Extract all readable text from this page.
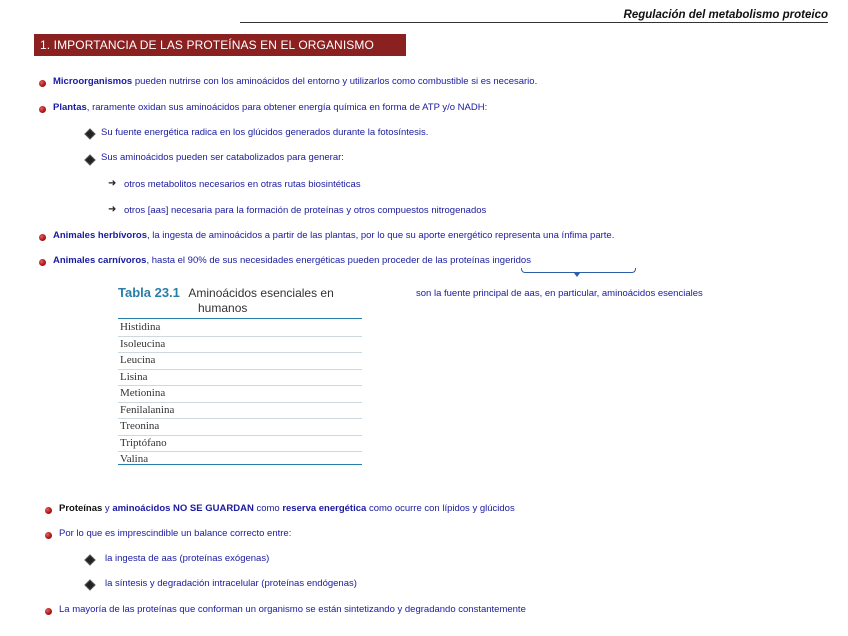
Regulación del metabolismo proteico
1. IMPORTANCIA DE LAS PROTEÍNAS EN EL ORGANISMO
Microorganismos pueden nutrirse con los aminoácidos del entorno y utilizarlos como combustible si es necesario.
Plantas, raramente oxidan sus aminoácidos para obtener energía química en forma de ATP y/o NADH:
Su fuente energética radica en los glúcidos generados durante la fotosíntesis.
Sus aminoácidos pueden ser catabolizados para generar:
➜ otros metabolitos necesarios en otras rutas biosintéticas
➜ otros [aas] necesaria para la formación de proteínas y otros compuestos nitrogenados
Animales herbívoros, la ingesta de aminoácidos a partir de las plantas, por lo que su aporte energético representa una ínfima parte.
Animales carnívoros, hasta el 90% de sus necesidades energéticas pueden proceder de las proteínas ingeridos
son la fuente principal de aas, en particular, aminoácidos esenciales
Tabla 23.1 Aminoácidos esenciales en
humanos
Histidina
Isoleucina
Leucina
Lisina
Metionina
Fenilalanina
Treonina
Triptófano
Valina
Proteínas y aminoácidos NO SE GUARDAN como reserva energética como ocurre con lípidos y glúcidos
Por lo que es imprescindible un balance correcto entre:
la ingesta de aas (proteínas exógenas)
la síntesis y degradación intracelular (proteínas endógenas)
La mayoría de las proteínas que conforman un organismo se están sintetizando y degradando constantemente
